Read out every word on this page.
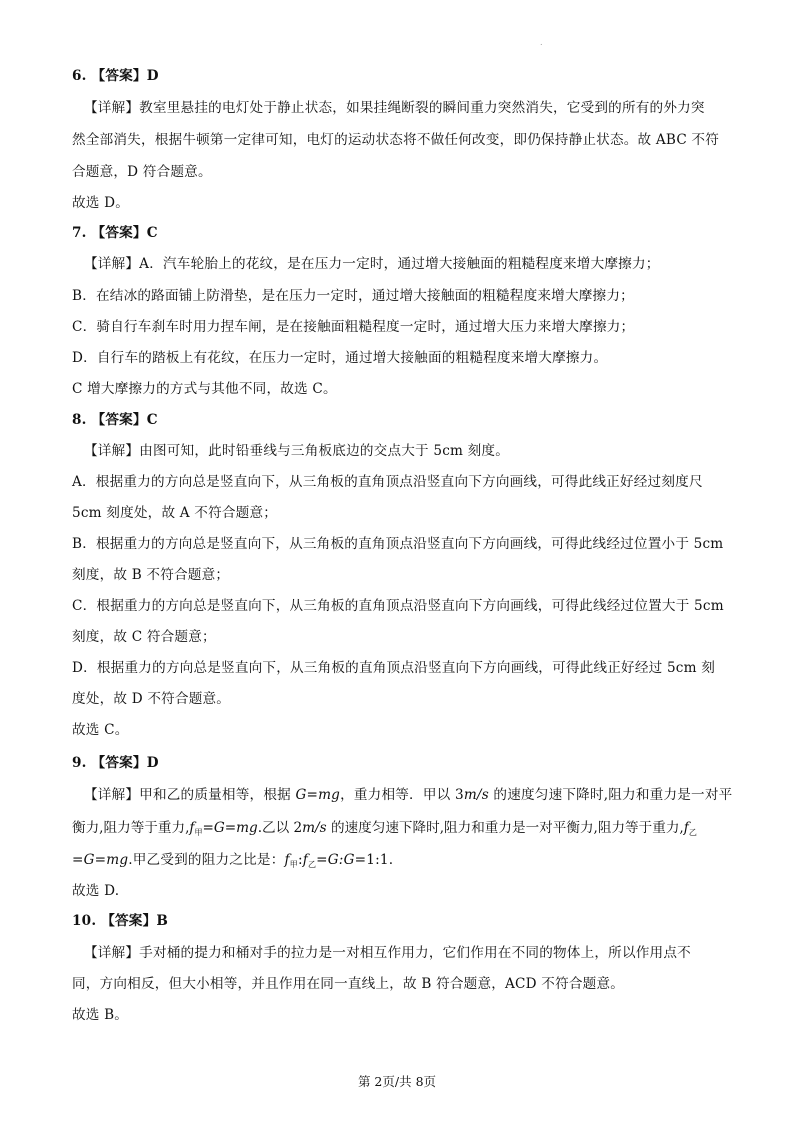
.
6. 【答案】D
【详解】教室里悬挂的电灯处于静止状态，如果挂绳断裂的瞬间重力突然消失，它受到的所有的外力突
然全部消失，根据牛顿第一定律可知，电灯的运动状态将不做任何改变，即仍保持静止状态。故 ABC 不符
合题意，D 符合题意。
故选 D。
7. 【答案】C
【详解】A．汽车轮胎上的花纹，是在压力一定时，通过增大接触面的粗糙程度来增大摩擦力；
B．在结冰的路面铺上防滑垫，是在压力一定时，通过增大接触面的粗糙程度来增大摩擦力；
C．骑自行车刹车时用力捏车闸，是在接触面粗糙程度一定时，通过增大压力来增大摩擦力；
D．自行车的踏板上有花纹，在压力一定时，通过增大接触面的粗糙程度来增大摩擦力。
C 增大摩擦力的方式与其他不同，故选 C。
8. 【答案】C
【详解】由图可知，此时铅垂线与三角板底边的交点大于 5cm 刻度。
A．根据重力的方向总是竖直向下，从三角板的直角顶点沿竖直向下方向画线，可得此线正好经过刻度尺
5cm 刻度处，故 A 不符合题意；
B．根据重力的方向总是竖直向下，从三角板的直角顶点沿竖直向下方向画线，可得此线经过位置小于 5cm
刻度，故 B 不符合题意；
C．根据重力的方向总是竖直向下，从三角板的直角顶点沿竖直向下方向画线，可得此线经过位置大于 5cm
刻度，故 C 符合题意；
D．根据重力的方向总是竖直向下，从三角板的直角顶点沿竖直向下方向画线，可得此线正好经过 5cm 刻
度处，故 D 不符合题意。
故选 C。
9. 【答案】D
【详解】甲和乙的质量相等，根据 G=mg，重力相等．甲以 3m/s 的速度匀速下降时,阻力和重力是一对平
衡力,阻力等于重力$,f_甲=G=mg$.乙以 2m/s 的速度匀速下降时,阻力和重力是一对平衡力,阻力等于重力$,f_乙$
=G=mg.甲乙受到的阻力之比是：$f_甲:f_乙=G:G=1:1$.
故选 D.
10. 【答案】B
【详解】手对桶的提力和桶对手的拉力是一对相互作用力，它们作用在不同的物体上，所以作用点不
同，方向相反，但大小相等，并且作用在同一直线上，故 B 符合题意，ACD 不符合题意。
故选 B。
第 2页/共 8页
